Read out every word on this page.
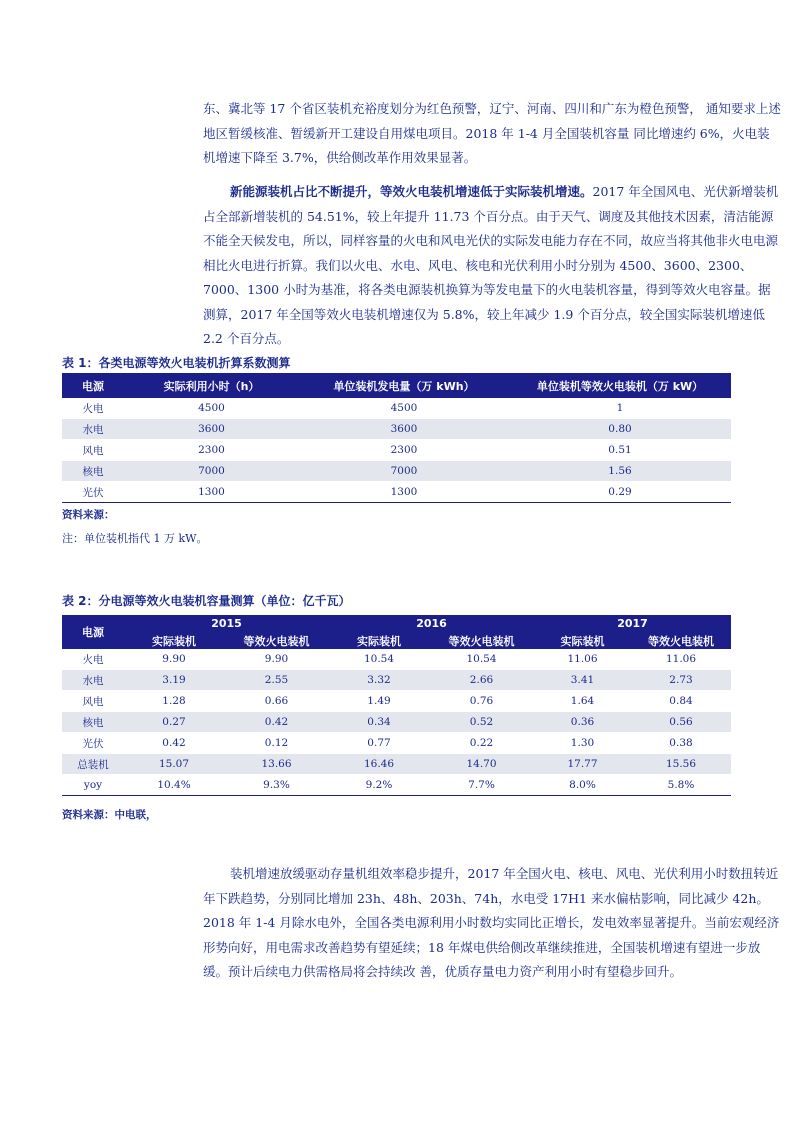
东、冀北等 17 个省区装机充裕度划分为红色预警，辽宁、河南、四川和广东为橙色预警， 通知要求上述地区暂缓核准、暂缓新开工建设自用煤电项目。2018 年 1-4 月全国装机容量 同比增速约 6%，火电装机增速下降至 3.7%，供给侧改革作用效果显著。

新能源装机占比不断提升，等效火电装机增速低于实际装机增速。2017 年全国风电、光伏新增装机占全部新增装机的 54.51%，较上年提升 11.73 个百分点。由于天气、调度及其他技术因素，清洁能源不能全天候发电，所以，同样容量的火电和风电光伏的实际发电能力存在不同，故应当将其他非火电电源相比火电进行折算。我们以火电、水电、风电、核电和光伏利用小时分别为 4500、3600、2300、7000、1300 小时为基准，将各类电源装机换算为等发电量下的火电装机容量，得到等效火电容量。据测算，2017 年全国等效火电装机增速仅为 5.8%，较上年减少 1.9 个百分点，较全国实际装机增速低 2.2 个百分点。

表 1：各类电源等效火电装机折算系数测算
电源	实际利用小时（h）	单位装机发电量（万 kWh）	单位装机等效火电装机（万 kW）
火电	4500	4500	1
水电	3600	3600	0.80
风电	2300	2300	0.51
核电	7000	7000	1.56
光伏	1300	1300	0.29
资料来源：
注：单位装机指代 1 万 kW。
表 2：分电源等效火电装机容量测算（单位：亿千瓦）
电源	2015		2016		2017	
	实际装机	等效火电装机	实际装机	等效火电装机	实际装机	等效火电装机
火电	9.90	9.90	10.54	10.54	11.06	11.06
水电	3.19	2.55	3.32	2.66	3.41	2.73
风电	1.28	0.66	1.49	0.76	1.64	0.84
核电	0.27	0.42	0.34	0.52	0.36	0.56
光伏	0.42	0.12	0.77	0.22	1.30	0.38
总装机	15.07	13.66	16.46	14.70	17.77	15.56
yoy	10.4%	9.3%	9.2%	7.7%	8.0%	5.8%
资料来源：中电联，

装机增速放缓驱动存量机组效率稳步提升，2017 年全国火电、核电、风电、光伏利用小时数扭转近年下跌趋势，分别同比增加 23h、48h、203h、74h，水电受 17H1 来水偏枯影响，同比减少 42h。2018 年 1-4 月除水电外，全国各类电源利用小时数均实同比正增长，发电效率显著提升。当前宏观经济形势向好，用电需求改善趋势有望延续；18 年煤电供给侧改革继续推进，全国装机增速有望进一步放缓。预计后续电力供需格局将会持续改 善，优质存量电力资产利用小时有望稳步回升。
